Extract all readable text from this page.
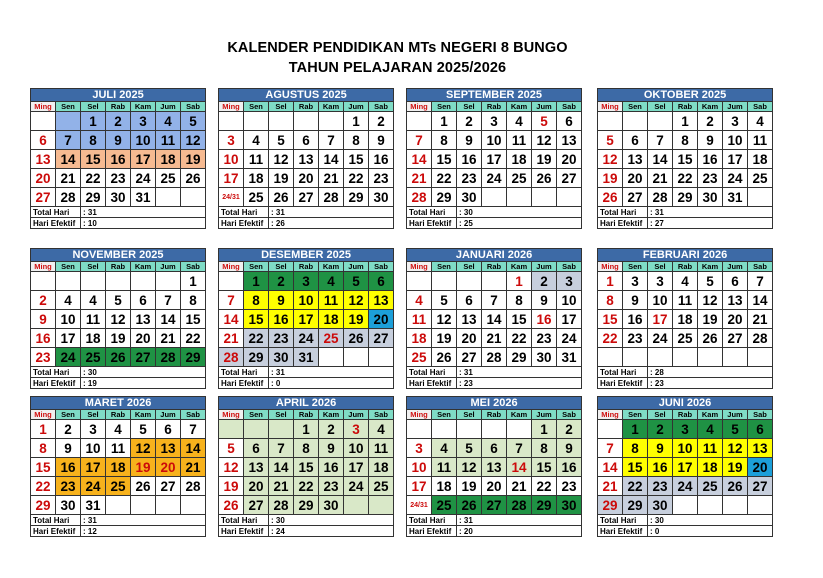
KALENDER PENDIDIKAN MTs NEGERI 8 BUNGO
TAHUN PELAJARAN 2025/2026
JULI 2025						
Ming	Sen	Sel	Rab	Kam	Jum	Sab
		1	2	3	4	5
6	7	8	9	10	11	12
13	14	15	16	17	18	19
20	21	22	23	24	25	26
27	28	29	30	31		
Total Hari		: 31				
Hari Efektif		: 10				
AGUSTUS 2025						
Ming	Sen	Sel	Rab	Kam	Jum	Sab
					1	2
3	4	5	6	7	8	9
10	11	12	13	14	15	16
17	18	19	20	21	22	23
24/31	25	26	27	28	29	30
Total Hari		: 31				
Hari Efektif		: 26				
SEPTEMBER 2025						
Ming	Sen	Sel	Rab	Kam	Jum	Sab
	1	2	3	4	5	6
7	8	9	10	11	12	13
14	15	16	17	18	19	20
21	22	23	24	25	26	27
28	29	30				
Total Hari		: 30				
Hari Efektif		: 25				
OKTOBER 2025						
Ming	Sen	Sel	Rab	Kam	Jum	Sab
			1	2	3	4
5	6	7	8	9	10	11
12	13	14	15	16	17	18
19	20	21	22	23	24	25
26	27	28	29	30	31	
Total Hari		: 31				
Hari Efektif		: 27				
NOVEMBER 2025						
Ming	Sen	Sel	Rab	Kam	Jum	Sab
						1
2	4	4	5	6	7	8
9	10	11	12	13	14	15
16	17	18	19	20	21	22
23	24	25	26	27	28	29
Total Hari		: 30				
Hari Efektif		: 19				
DESEMBER 2025						
Ming	Sen	Sel	Rab	Kam	Jum	Sab
	1	2	3	4	5	6
7	8	9	10	11	12	13
14	15	16	17	18	19	20
21	22	23	24	25	26	27
28	29	30	31			
Total Hari		: 31				
Hari Efektif		: 0				
JANUARI 2026						
Ming	Sen	Sel	Rab	Kam	Jum	Sab
				1	2	3
4	5	6	7	8	9	10
11	12	13	14	15	16	17
18	19	20	21	22	23	24
25	26	27	28	29	30	31
Total Hari		: 31				
Hari Efektif		: 23				
FEBRUARI 2026						
Ming	Sen	Sel	Rab	Kam	Jum	Sab
1	3	3	4	5	6	7
8	9	10	11	12	13	14
15	16	17	18	19	20	21
22	23	24	25	26	27	28

Total Hari		: 28				
Hari Efektif		: 23				
MARET 2026						
Ming	Sen	Sel	Rab	Kam	Jum	Sab
1	2	3	4	5	6	7
8	9	10	11	12	13	14
15	16	17	18	19	20	21
22	23	24	25	26	27	28
29	30	31				
Total Hari		: 31				
Hari Efektif		: 12				
APRIL 2026						
Ming	Sen	Sel	Rab	Kam	Jum	Sab
			1	2	3	4
5	6	7	8	9	10	11
12	13	14	15	16	17	18
19	20	21	22	23	24	25
26	27	28	29	30		
Total Hari		: 30				
Hari Efektif		: 24				
MEI 2026						
Ming	Sen	Sel	Rab	Kam	Jum	Sab
					1	2
3	4	5	6	7	8	9
10	11	12	13	14	15	16
17	18	19	20	21	22	23
24/31	25	26	27	28	29	30
Total Hari		: 31				
Hari Efektif		: 20				
JUNI 2026						
Ming	Sen	Sel	Rab	Kam	Jum	Sab
	1	2	3	4	5	6
7	8	9	10	11	12	13
14	15	16	17	18	19	20
21	22	23	24	25	26	27
29	29	30				
Total Hari		: 30				
Hari Efektif		: 0				
